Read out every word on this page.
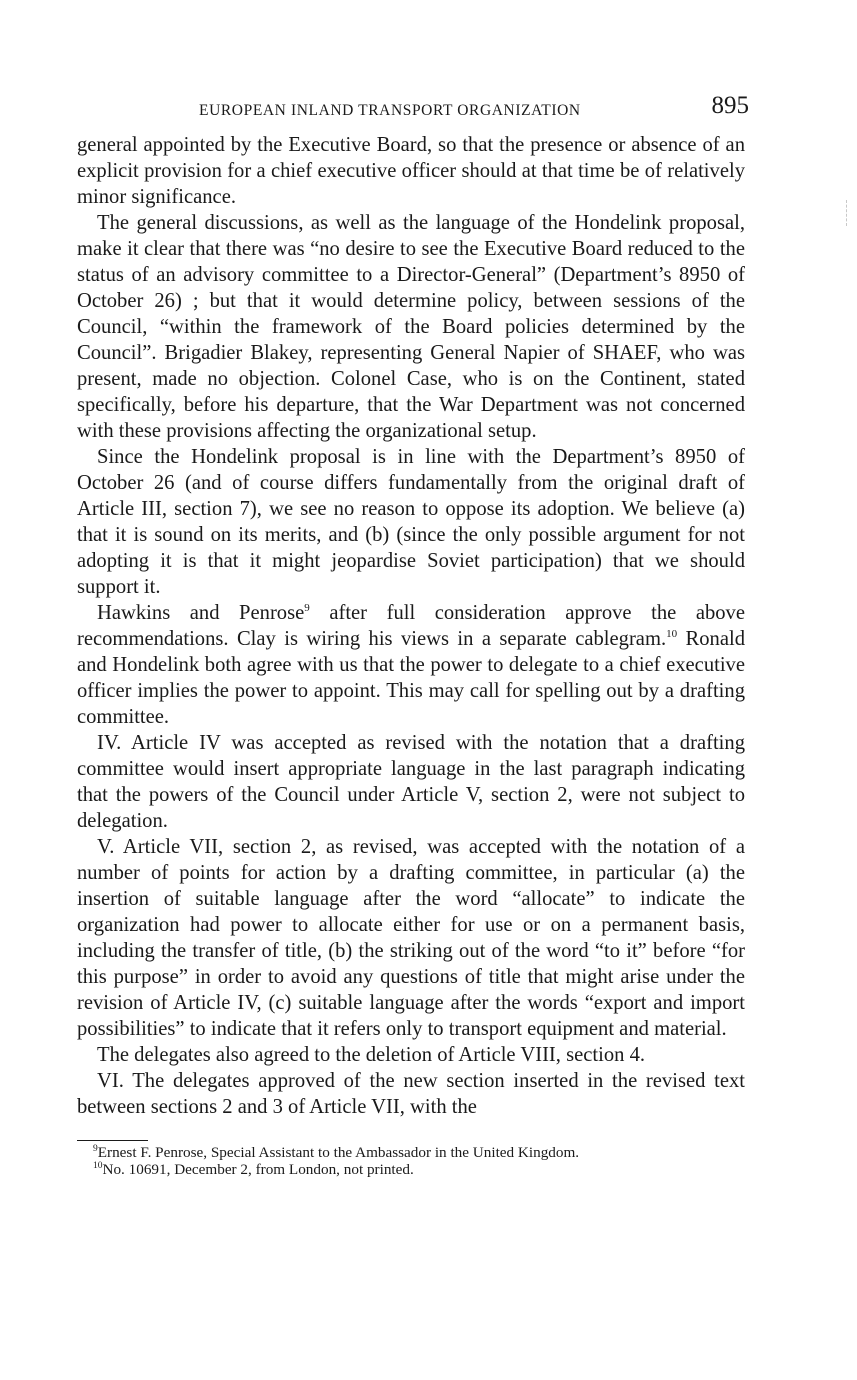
EUROPEAN INLAND TRANSPORT ORGANIZATION	895

general appointed by the Executive Board, so that the presence or absence of an explicit provision for a chief executive officer should at that time be of relatively minor significance.

The general discussions, as well as the language of the Hondelink proposal, make it clear that there was “no desire to see the Executive Board reduced to the status of an advisory committee to a Director-General” (Department’s 8950 of October 26) ; but that it would determine policy, between sessions of the Council, “within the framework of the Board policies determined by the Council”. Brigadier Blakey, representing General Napier of SHAEF, who was present, made no objection. Colonel Case, who is on the Continent, stated specifically, before his departure, that the War Department was not concerned with these provisions affecting the organizational setup.

Since the Hondelink proposal is in line with the Department’s 8950 of October 26 (and of course differs fundamentally from the original draft of Article III, section 7), we see no reason to oppose its adoption. We believe (a) that it is sound on its merits, and (b) (since the only possible argument for not adopting it is that it might jeopardise Soviet participation) that we should support it.

Hawkins and Penrose$^9$ after full consideration approve the above recommendations. Clay is wiring his views in a separate cablegram.$^{10}$ Ronald and Hondelink both agree with us that the power to delegate to a chief executive officer implies the power to appoint. This may call for spelling out by a drafting committee.

IV. Article IV was accepted as revised with the notation that a drafting committee would insert appropriate language in the last paragraph indicating that the powers of the Council under Article V, section 2, were not subject to delegation.

V. Article VII, section 2, as revised, was accepted with the notation of a number of points for action by a drafting committee, in particular (a) the insertion of suitable language after the word “allocate” to indicate the organization had power to allocate either for use or on a permanent basis, including the transfer of title, (b) the striking out of the word “to it” before “for this purpose” in order to avoid any questions of title that might arise under the revision of Article IV, (c) suitable language after the words “export and import possibilities” to indicate that it refers only to transport equipment and material.

The delegates also agreed to the deletion of Article VIII, section 4.

VI. The delegates approved of the new section inserted in the revised text between sections 2 and 3 of Article VII, with the

$^9$Ernest F. Penrose, Special Assistant to the Ambassador in the United Kingdom.

$^{10}$No. 10691, December 2, from London, not printed.
